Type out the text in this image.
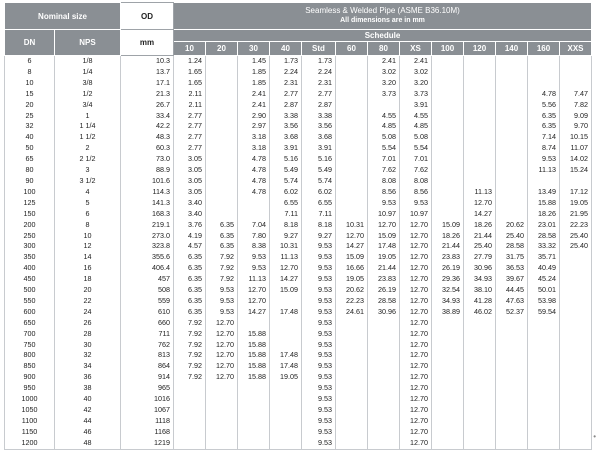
Nominal size		OD	Seamless & Welded Pipe (ASME B36.10M)
All dimensions are in mm												

DN	NPS	mm	Schedule												
			10	20	30	40	Std	60	80	XS	100	120	140	160	XXS
6	1/8	10.3	1.24		1.45	1.73	1.73		2.41	2.41					
8	1/4	13.7	1.65		1.85	2.24	2.24		3.02	3.02					
10	3/8	17.1	1.65		1.85	2.31	2.31		3.20	3.20					
15	1/2	21.3	2.11		2.41	2.77	2.77		3.73	3.73				4.78	7.47
20	3/4	26.7	2.11		2.41	2.87	2.87			3.91				5.56	7.82
25	1	33.4	2.77		2.90	3.38	3.38		4.55	4.55				6.35	9.09
32	1 1/4	42.2	2.77		2.97	3.56	3.56		4.85	4.85				6.35	9.70
40	1 1/2	48.3	2.77		3.18	3.68	3.68		5.08	5.08				7.14	10.15
50	2	60.3	2.77		3.18	3.91	3.91		5.54	5.54				8.74	11.07
65	2 1/2	73.0	3.05		4.78	5.16	5.16		7.01	7.01				9.53	14.02
80	3	88.9	3.05		4.78	5.49	5.49		7.62	7.62				11.13	15.24
90	3 1/2	101.6	3.05		4.78	5.74	5.74		8.08	8.08					
100	4	114.3	3.05		4.78	6.02	6.02		8.56	8.56		11.13		13.49	17.12
125	5	141.3	3.40			6.55	6.55		9.53	9.53		12.70		15.88	19.05
150	6	168.3	3.40			7.11	7.11		10.97	10.97		14.27		18.26	21.95
200	8	219.1	3.76	6.35	7.04	8.18	8.18	10.31	12.70	12.70	15.09	18.26	20.62	23.01	22.23
250	10	273.0	4.19	6.35	7.80	9.27	9.27	12.70	15.09	12.70	18.26	21.44	25.40	28.58	25.40
300	12	323.8	4.57	6.35	8.38	10.31	9.53	14.27	17.48	12.70	21.44	25.40	28.58	33.32	25.40
350	14	355.6	6.35	7.92	9.53	11.13	9.53	15.09	19.05	12.70	23.83	27.79	31.75	35.71	
400	16	406.4	6.35	7.92	9.53	12.70	9.53	16.66	21.44	12.70	26.19	30.96	36.53	40.49	
450	18	457	6.35	7.92	11.13	14.27	9.53	19.05	23.83	12.70	29.36	34.93	39.67	45.24	
500	20	508	6.35	9.53	12.70	15.09	9.53	20.62	26.19	12.70	32.54	38.10	44.45	50.01	
550	22	559	6.35	9.53	12.70		9.53	22.23	28.58	12.70	34.93	41.28	47.63	53.98	
600	24	610	6.35	9.53	14.27	17.48	9.53	24.61	30.96	12.70	38.89	46.02	52.37	59.54	
650	26	660	7.92	12.70			9.53			12.70					
700	28	711	7.92	12.70	15.88		9.53			12.70					
750	30	762	7.92	12.70	15.88		9.53			12.70					
800	32	813	7.92	12.70	15.88	17.48	9.53			12.70					
850	34	864	7.92	12.70	15.88	17.48	9.53			12.70					
900	36	914	7.92	12.70	15.88	19.05	9.53			12.70					
950	38	965					9.53			12.70					
1000	40	1016					9.53			12.70					
1050	42	1067					9.53			12.70					
1100	44	1118					9.53			12.70					
1150	46	1168					9.53			12.70					
1200	48	1219					9.53			12.70					
•
